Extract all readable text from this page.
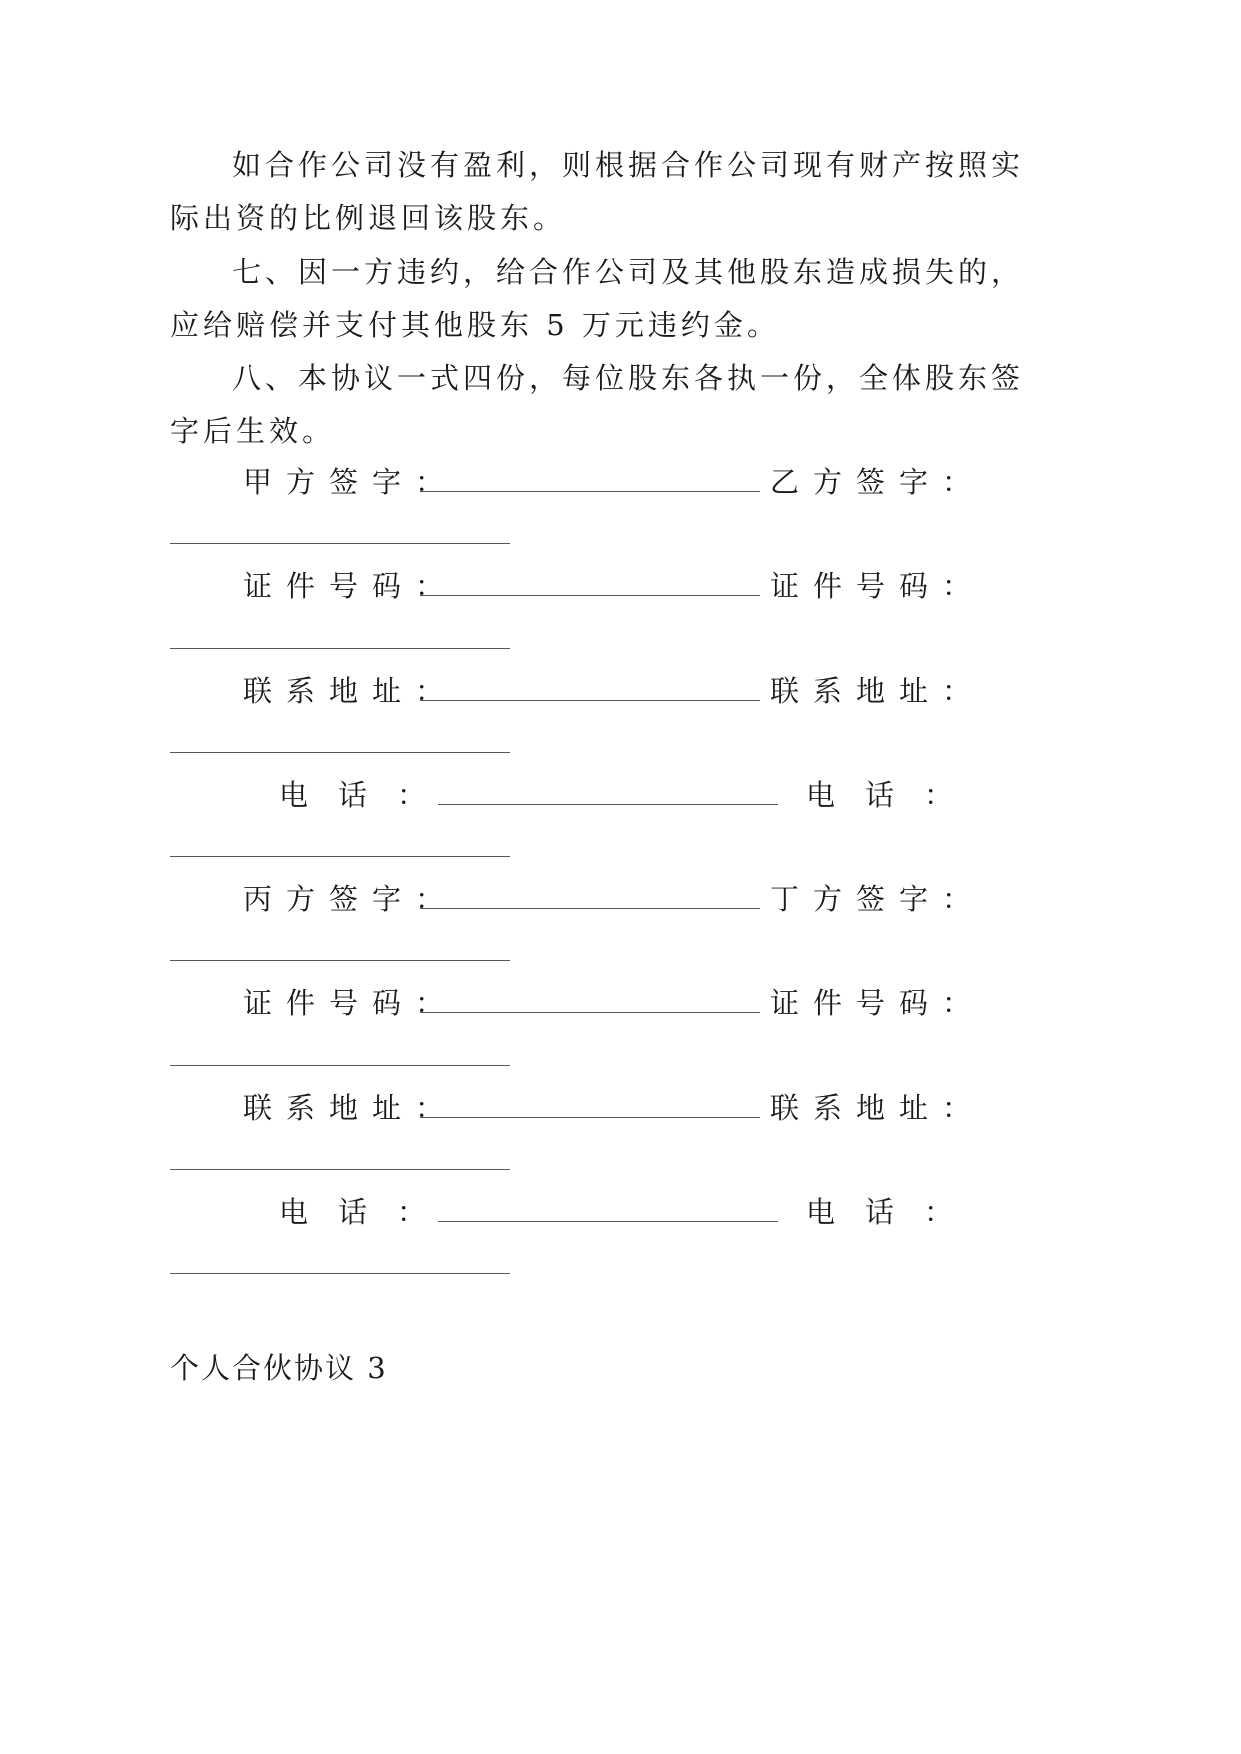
如合作公司没有盈利，则根据合作公司现有财产按照实
际出资的比例退回该股东。
七、因一方违约，给合作公司及其他股东造成损失的，
应给赔偿并支付其他股东 5 万元违约金。
八、本协议一式四份，每位股东各执一份，全体股东签
字后生效。
甲方签字：	乙方签字：
证件号码：	证件号码：
联系地址：	联系地址：
电话：	电话：
丙方签字：	丁方签字：
证件号码：	证件号码：
联系地址：	联系地址：
电话：	电话：
个人合伙协议 3
